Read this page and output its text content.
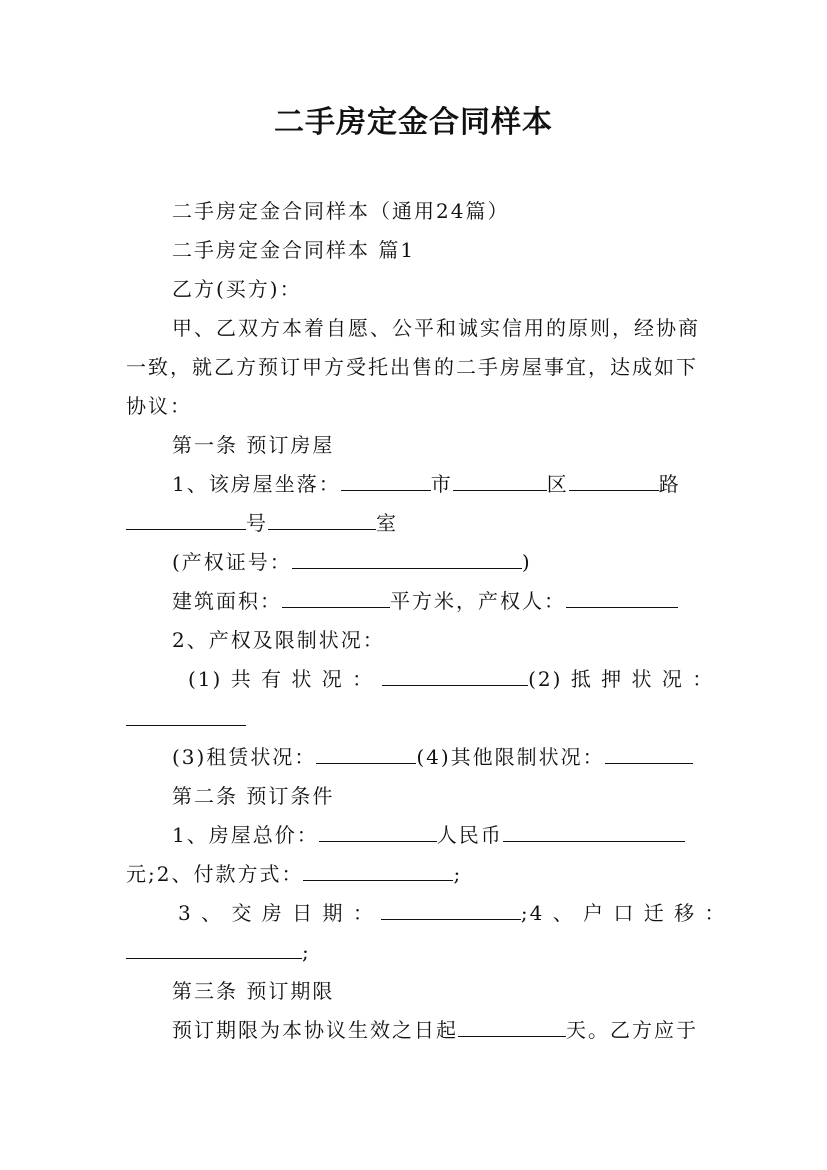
二手房定金合同样本
二手房定金合同样本（通用24篇）
二手房定金合同样本 篇1
乙方(买方)：
甲、乙双方本着自愿、公平和诚实信用的原则，经协商
一致，就乙方预订甲方受托出售的二手房屋事宜，达成如下
协议：
第一条 预订房屋
1、该房屋坐落：	市	区	路
号	室
(产权证号：	)
建筑面积：	平方米，产权人：
2、产权及限制状况：
(1) 共 有 状 况 ：	(2) 抵 押 状 况 ：
(3)租赁状况：	(4)其他限制状况：
第二条 预订条件
1、房屋总价：	人民币
元;2、付款方式：	;
3 、 交 房 日 期 ：	;4 、 户 口 迁 移 ：
;
第三条 预订期限
预订期限为本协议生效之日起	天。乙方应于
